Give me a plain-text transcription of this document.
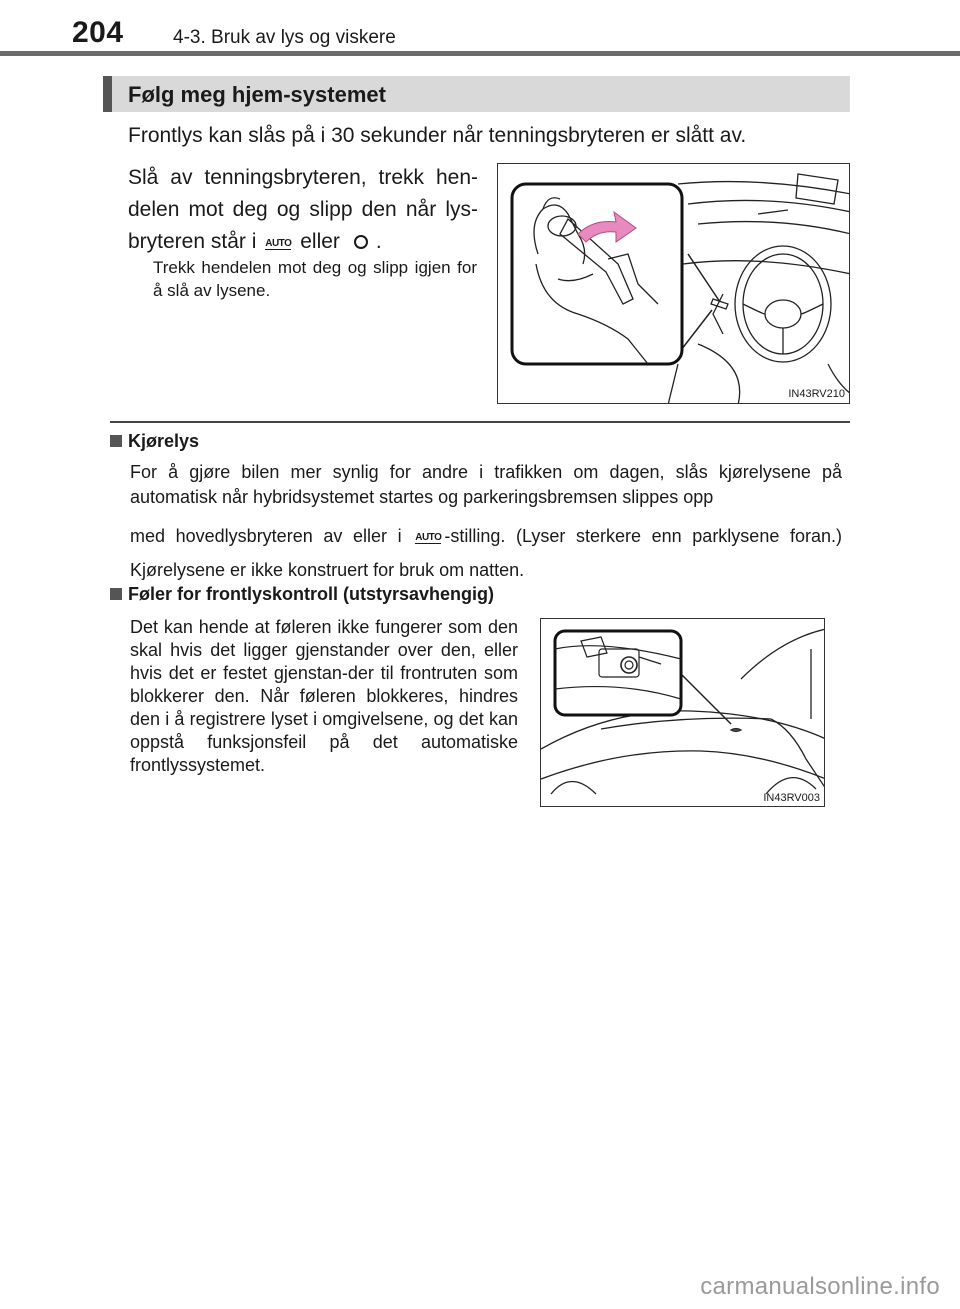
204	4-3. Bruk av lys og viskere
Følg meg hjem-systemet
Frontlys kan slås på i 30 sekunder når tenningsbryteren er slått av.
Slå av tenningsbryteren, trekk hen-delen mot deg og slipp den når lys-bryteren står i AUTO eller .
Trekk hendelen mot deg og slipp igjen for å slå av lysene.
IN43RV210
Kjørelys
For å gjøre bilen mer synlig for andre i trafikken om dagen, slås kjørelysene på automatisk når hybridsystemet startes og parkeringsbremsen slippes opp
med hovedlysbryteren av eller i AUTO -stilling. (Lyser sterkere enn parklysene foran.) Kjørelysene er ikke konstruert for bruk om natten.
Føler for frontlyskontroll (utstyrsavhengig)
Det kan hende at føleren ikke fungerer som den skal hvis det ligger gjenstander over den, eller hvis det er festet gjenstan-der til frontruten som blokkerer den. Når føleren blokkeres, hindres den i å registrere lyset i omgivelsene, og det kan oppstå funksjonsfeil på det automatiske frontlyssystemet.
IN43RV003
carmanualsonline.info
